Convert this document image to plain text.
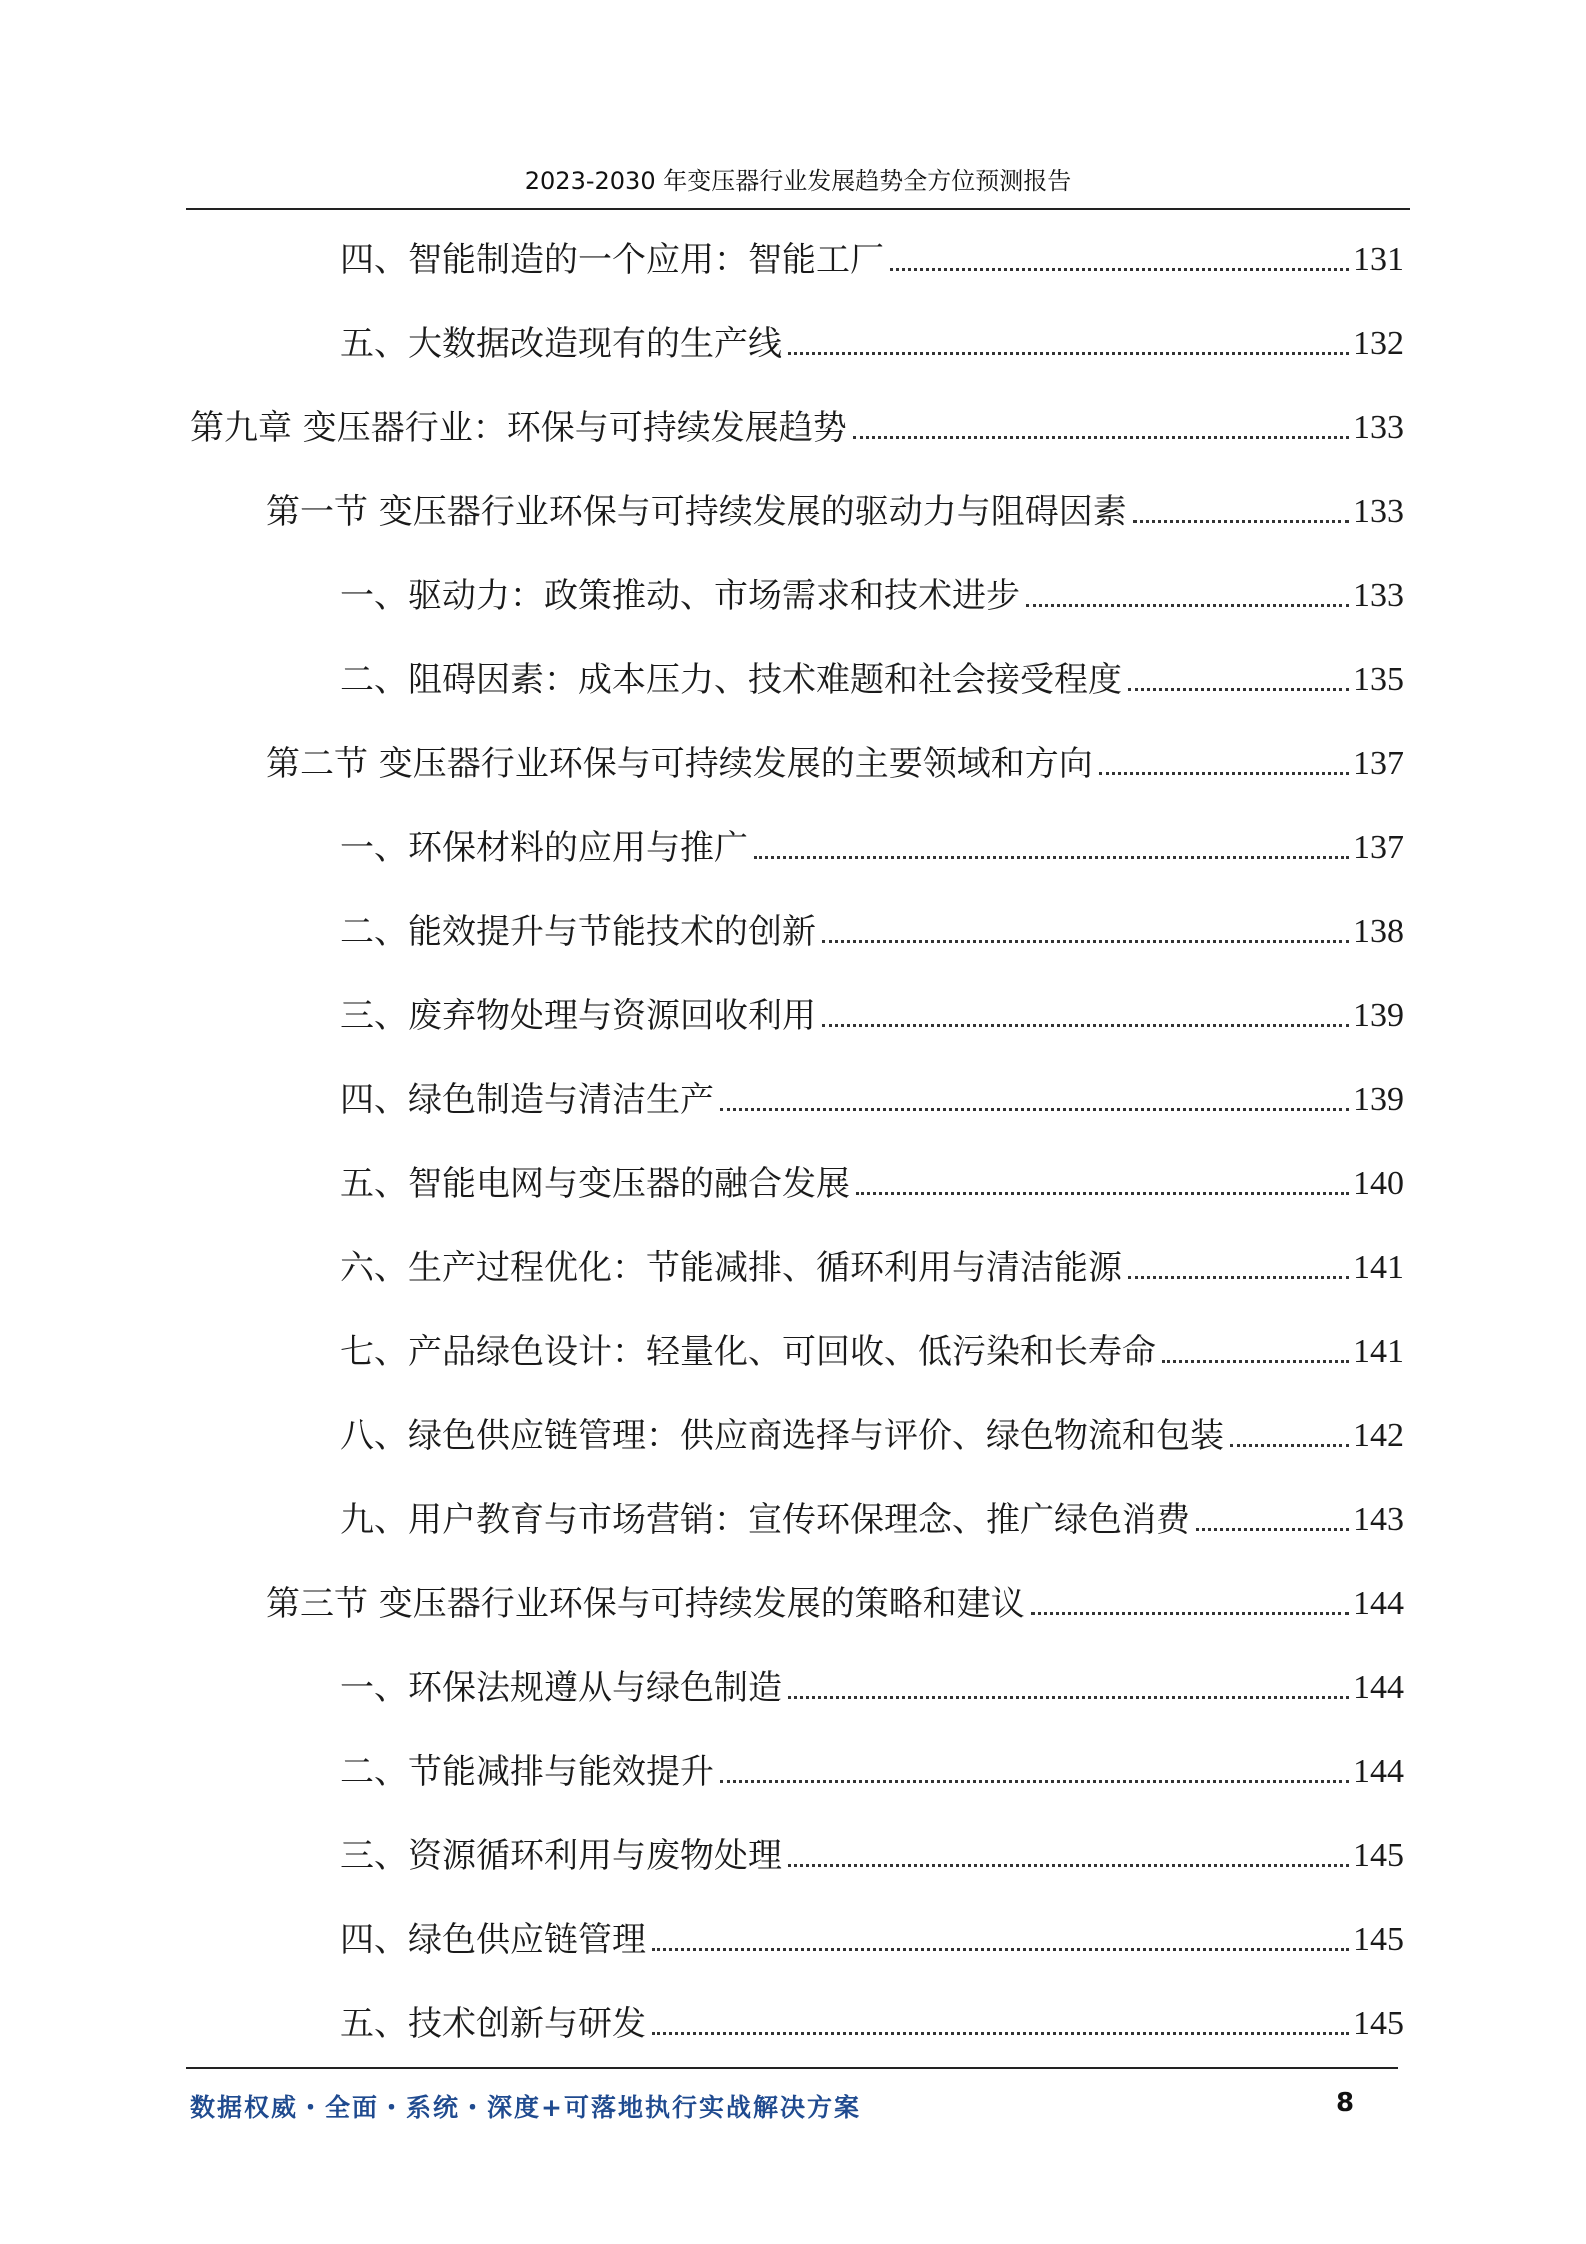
2023-2030 年变压器行业发展趋势全方位预测报告
四、智能制造的一个应用：智能工厂	131
五、大数据改造现有的生产线	132
第九章 变压器行业：环保与可持续发展趋势	133
第一节 变压器行业环保与可持续发展的驱动力与阻碍因素	133
一、驱动力：政策推动、市场需求和技术进步	133
二、阻碍因素：成本压力、技术难题和社会接受程度	135
第二节 变压器行业环保与可持续发展的主要领域和方向	137
一、环保材料的应用与推广	137
二、能效提升与节能技术的创新	138
三、废弃物处理与资源回收利用	139
四、绿色制造与清洁生产	139
五、智能电网与变压器的融合发展	140
六、生产过程优化：节能减排、循环利用与清洁能源	141
七、产品绿色设计：轻量化、可回收、低污染和长寿命	141
八、绿色供应链管理：供应商选择与评价、绿色物流和包装	142
九、用户教育与市场营销：宣传环保理念、推广绿色消费	143
第三节 变压器行业环保与可持续发展的策略和建议	144
一、环保法规遵从与绿色制造	144
二、节能减排与能效提升	144
三、资源循环利用与废物处理	145
四、绿色供应链管理	145
五、技术创新与研发	145
数据权威・全面・系统・深度+可落地执行实战解决方案	8
